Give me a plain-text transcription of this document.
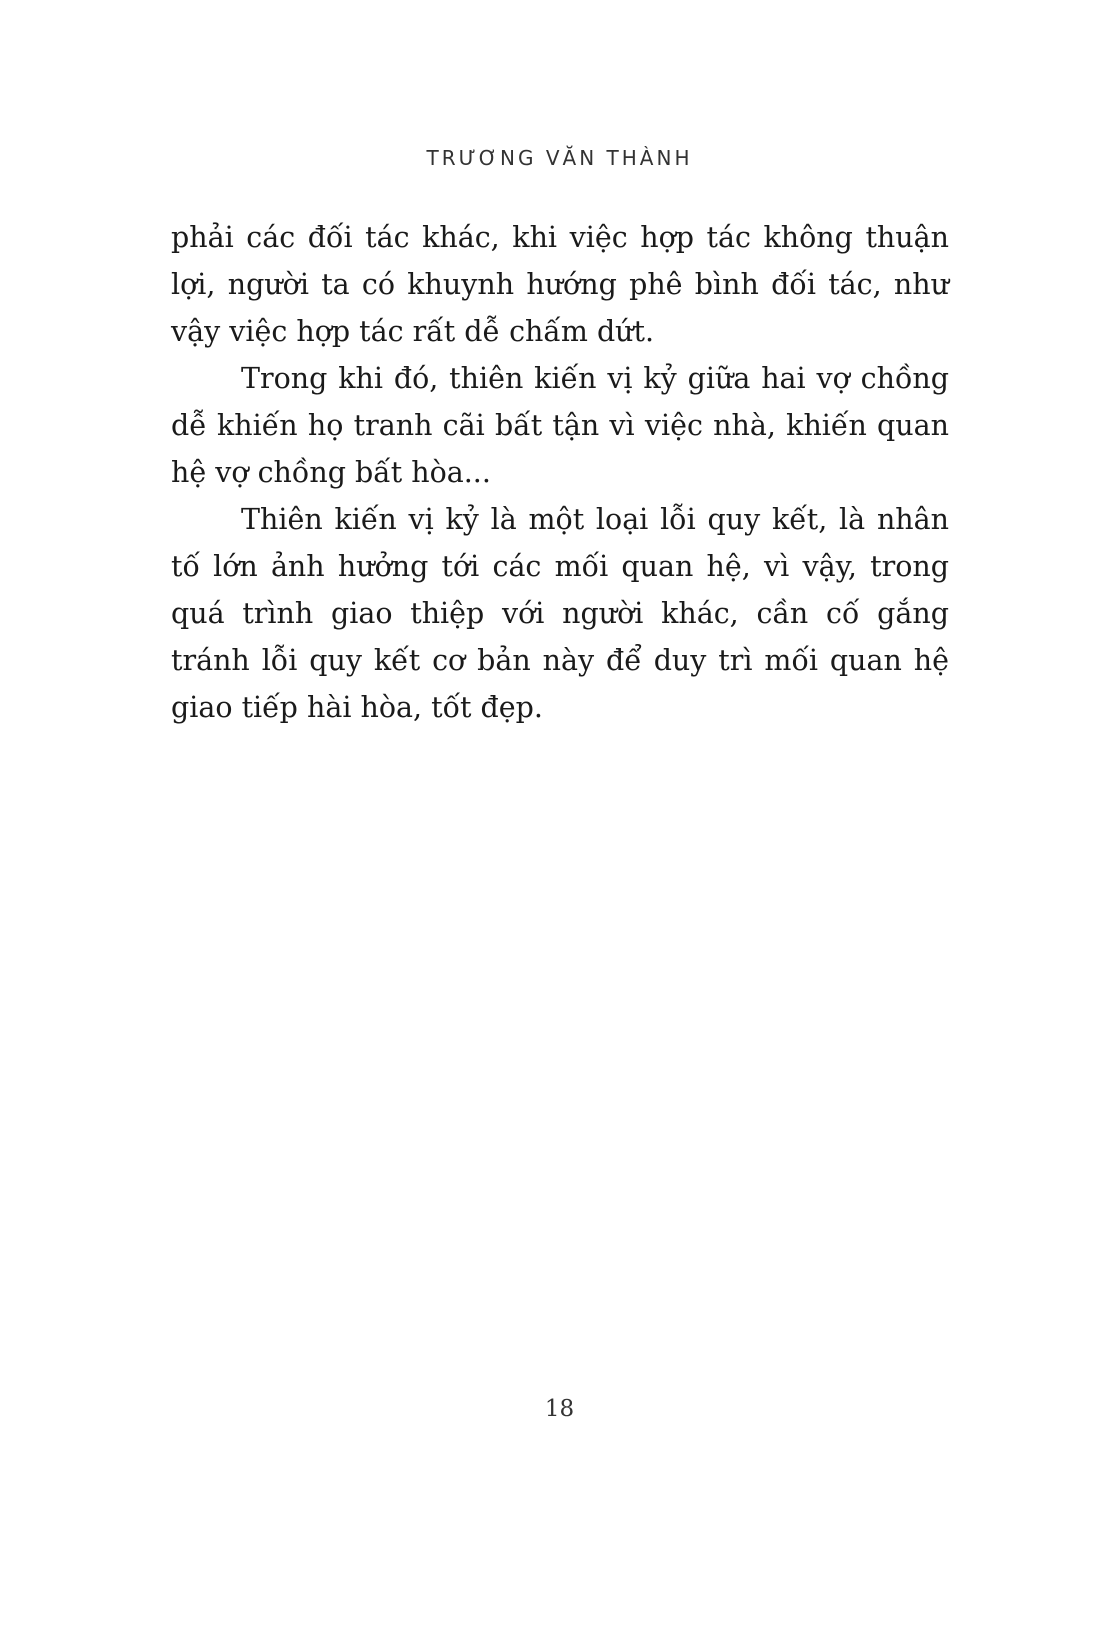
TRƯƠNG VĂN THÀNH

phải các đối tác khác, khi việc hợp tác không thuận lợi, người ta có khuynh hướng phê bình đối tác, như vậy việc hợp tác rất dễ chấm dứt.

Trong khi đó, thiên kiến vị kỷ giữa hai vợ chồng dễ khiến họ tranh cãi bất tận vì việc nhà, khiến quan hệ vợ chồng bất hòa...

Thiên kiến vị kỷ là một loại lỗi quy kết, là nhân tố lớn ảnh hưởng tới các mối quan hệ, vì vậy, trong quá trình giao thiệp với người khác, cần cố gắng tránh lỗi quy kết cơ bản này để duy trì mối quan hệ giao tiếp hài hòa, tốt đẹp.

18
